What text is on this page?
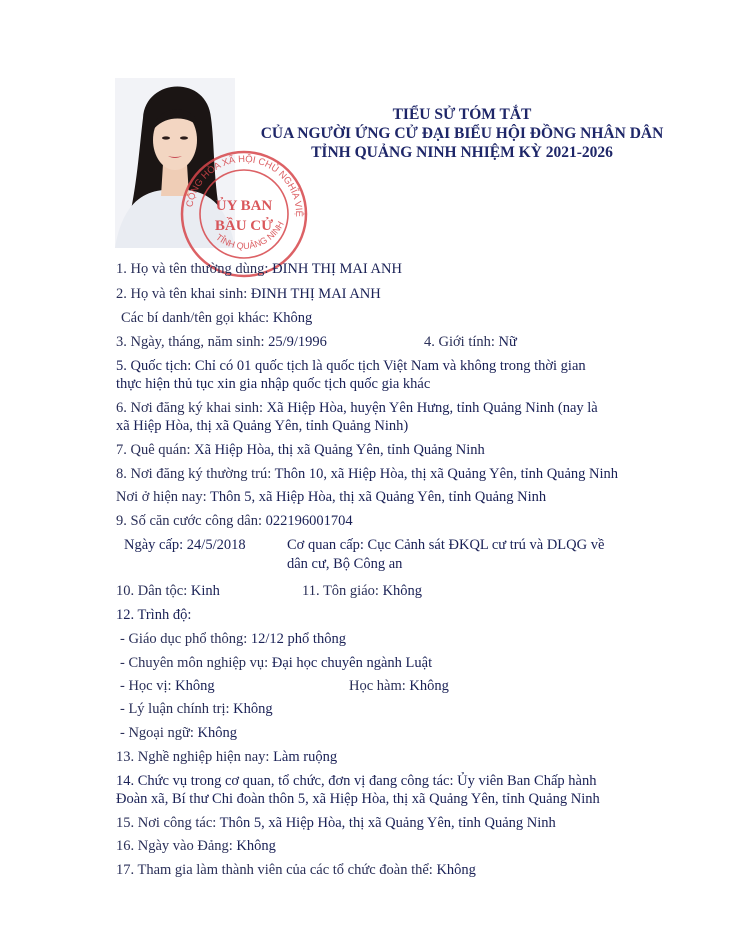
CỘNG HÒA XÃ HỘI CHỦ NGHĨA VIỆ
TỈNH QUẢNG NINH
ỦY BAN
BẦU CỬ
TIỂU SỬ TÓM TẮT
CỦA NGƯỜI ỨNG CỬ ĐẠI BIỂU HỘI ĐỒNG NHÂN DÂN
TỈNH QUẢNG NINH NHIỆM KỲ 2021-2026
1. Họ và tên thường dùng: ĐINH THỊ MAI ANH
2. Họ và tên khai sinh: ĐINH THỊ MAI ANH
Các bí danh/tên gọi khác: Không
3. Ngày, tháng, năm sinh: 25/9/1996	4. Giới tính: Nữ
5. Quốc tịch: Chỉ có 01 quốc tịch là quốc tịch Việt Nam và không trong thời gian
thực hiện thủ tục xin gia nhập quốc tịch quốc gia khác
6. Nơi đăng ký khai sinh: Xã Hiệp Hòa, huyện Yên Hưng, tỉnh Quảng Ninh (nay là
xã Hiệp Hòa, thị xã Quảng Yên, tỉnh Quảng Ninh)
7. Quê quán: Xã Hiệp Hòa, thị xã Quảng Yên, tỉnh Quảng Ninh
8. Nơi đăng ký thường trú: Thôn 10, xã Hiệp Hòa, thị xã Quảng Yên, tỉnh Quảng Ninh
Nơi ở hiện nay: Thôn 5, xã Hiệp Hòa, thị xã Quảng Yên, tỉnh Quảng Ninh
9. Số căn cước công dân: 022196001704
Ngày cấp: 24/5/2018	Cơ quan cấp: Cục Cảnh sát ĐKQL cư trú và DLQG về
dân cư, Bộ Công an
10. Dân tộc: Kinh	11. Tôn giáo: Không
12. Trình độ:
- Giáo dục phổ thông: 12/12 phổ thông
- Chuyên môn nghiệp vụ: Đại học chuyên ngành Luật
- Học vị: Không	Học hàm: Không
- Lý luận chính trị: Không
- Ngoại ngữ: Không
13. Nghề nghiệp hiện nay: Làm ruộng
14. Chức vụ trong cơ quan, tổ chức, đơn vị đang công tác: Ủy viên Ban Chấp hành
Đoàn xã, Bí thư Chi đoàn thôn 5, xã Hiệp Hòa, thị xã Quảng Yên, tỉnh Quảng Ninh
15. Nơi công tác: Thôn 5, xã Hiệp Hòa, thị xã Quảng Yên, tỉnh Quảng Ninh
16. Ngày vào Đảng: Không
17. Tham gia làm thành viên của các tổ chức đoàn thể: Không
